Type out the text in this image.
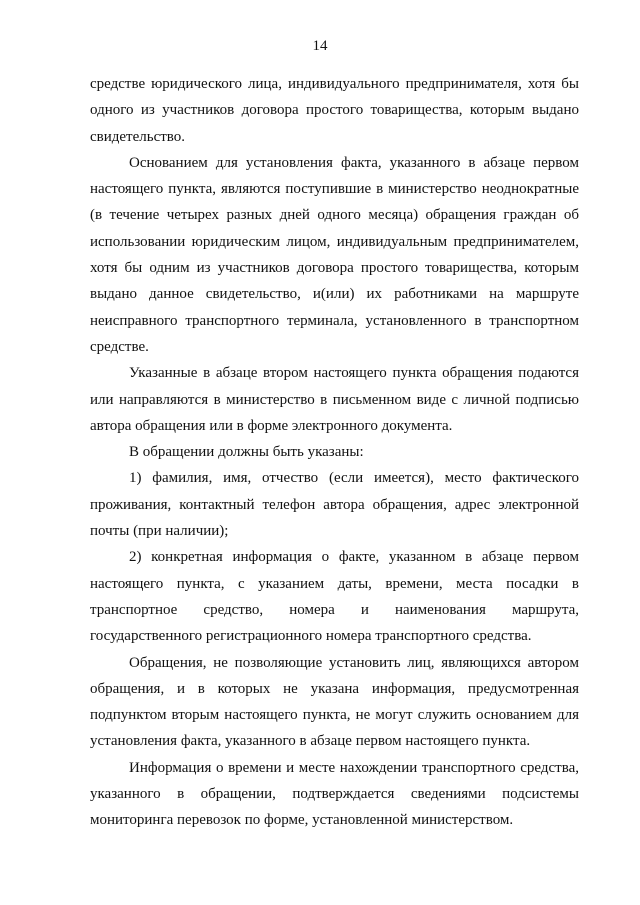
14

средстве юридического лица, индивидуального предпринимателя, хотя бы одного из участников договора простого товарищества, которым выдано свидетельство.

Основанием для установления факта, указанного в абзаце первом настоящего пункта, являются поступившие в министерство неоднократные (в течение четырех разных дней одного месяца) обращения граждан об использовании юридическим лицом, индивидуальным предпринимателем, хотя бы одним из участников договора простого товарищества, которым выдано данное свидетельство, и(или) их работниками на маршруте неисправного транспортного терминала, установленного в транспортном средстве.

Указанные в абзаце втором настоящего пункта обращения подаются или направляются в министерство в письменном виде с личной подписью автора обращения или в форме электронного документа.

В обращении должны быть указаны:

1) фамилия, имя, отчество (если имеется), место фактического проживания, контактный телефон автора обращения, адрес электронной почты (при наличии);

2) конкретная информация о факте, указанном в абзаце первом настоящего пункта, с указанием даты, времени, места посадки в транспортное средство, номера и наименования маршрута, государственного регистрационного номера транспортного средства.

Обращения, не позволяющие установить лиц, являющихся автором обращения, и в которых не указана информация, предусмотренная подпунктом вторым настоящего пункта, не могут служить основанием для установления факта, указанного в абзаце первом настоящего пункта.

Информация о времени и месте нахождении транспортного средства, указанного в обращении, подтверждается сведениями подсистемы мониторинга перевозок по форме, установленной министерством.
